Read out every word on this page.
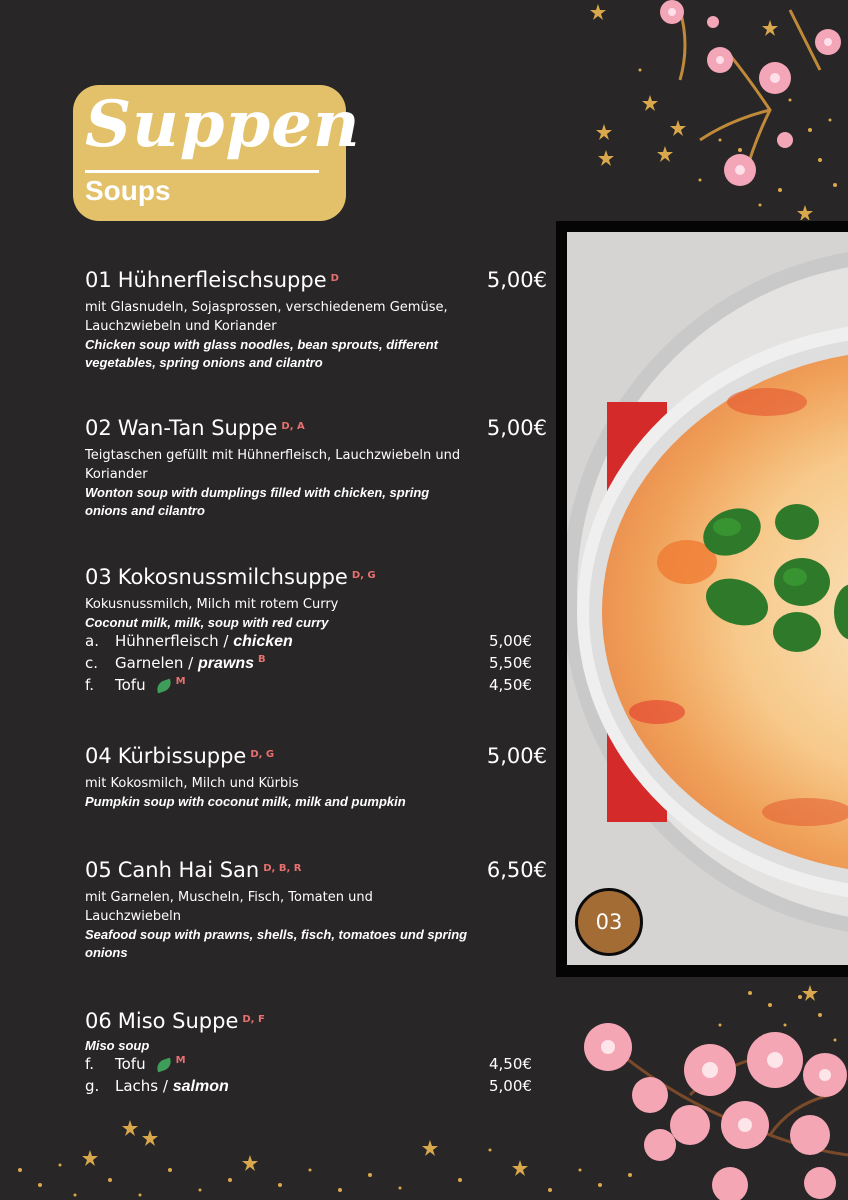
Suppen
Soups
01 Hühnerfleischsuppe $^D$	5,00€
mit Glasnudeln, Sojasprossen, verschiedenem Gemüse, Lauchzwiebeln und Koriander
Chicken soup with glass noodles, bean sprouts, different vegetables, spring onions and cilantro
02 Wan-Tan Suppe $^{D, A}$	5,00€
Teigtaschen gefüllt mit Hühnerfleisch, Lauchzwiebeln und Koriander
Wonton soup with dumplings filled with chicken, spring onions and cilantro
03 Kokosnussmilchsuppe $^{D, G}$
Kokusnussmilch, Milch mit rotem Curry
Coconut milk, milk, soup with red curry
a. Hühnerfleisch / chicken	5,00€
c. Garnelen / prawns $^B$	5,50€
f. Tofu	$^M$	4,50€
04 Kürbissuppe $^{D, G}$	5,00€
mit Kokosmilch, Milch und Kürbis
Pumpkin soup with coconut milk, milk and pumpkin
05 Canh Hai San $^{D, B, R}$	6,50€
mit Garnelen, Muscheln, Fisch, Tomaten und Lauchzwiebeln
Seafood soup with prawns, shells, fisch, tomatoes und spring onions
06 Miso Suppe $^{D, F}$
Miso soup
f. Tofu	$^M$	4,50€
g. Lachs / salmon	5,00€
03
